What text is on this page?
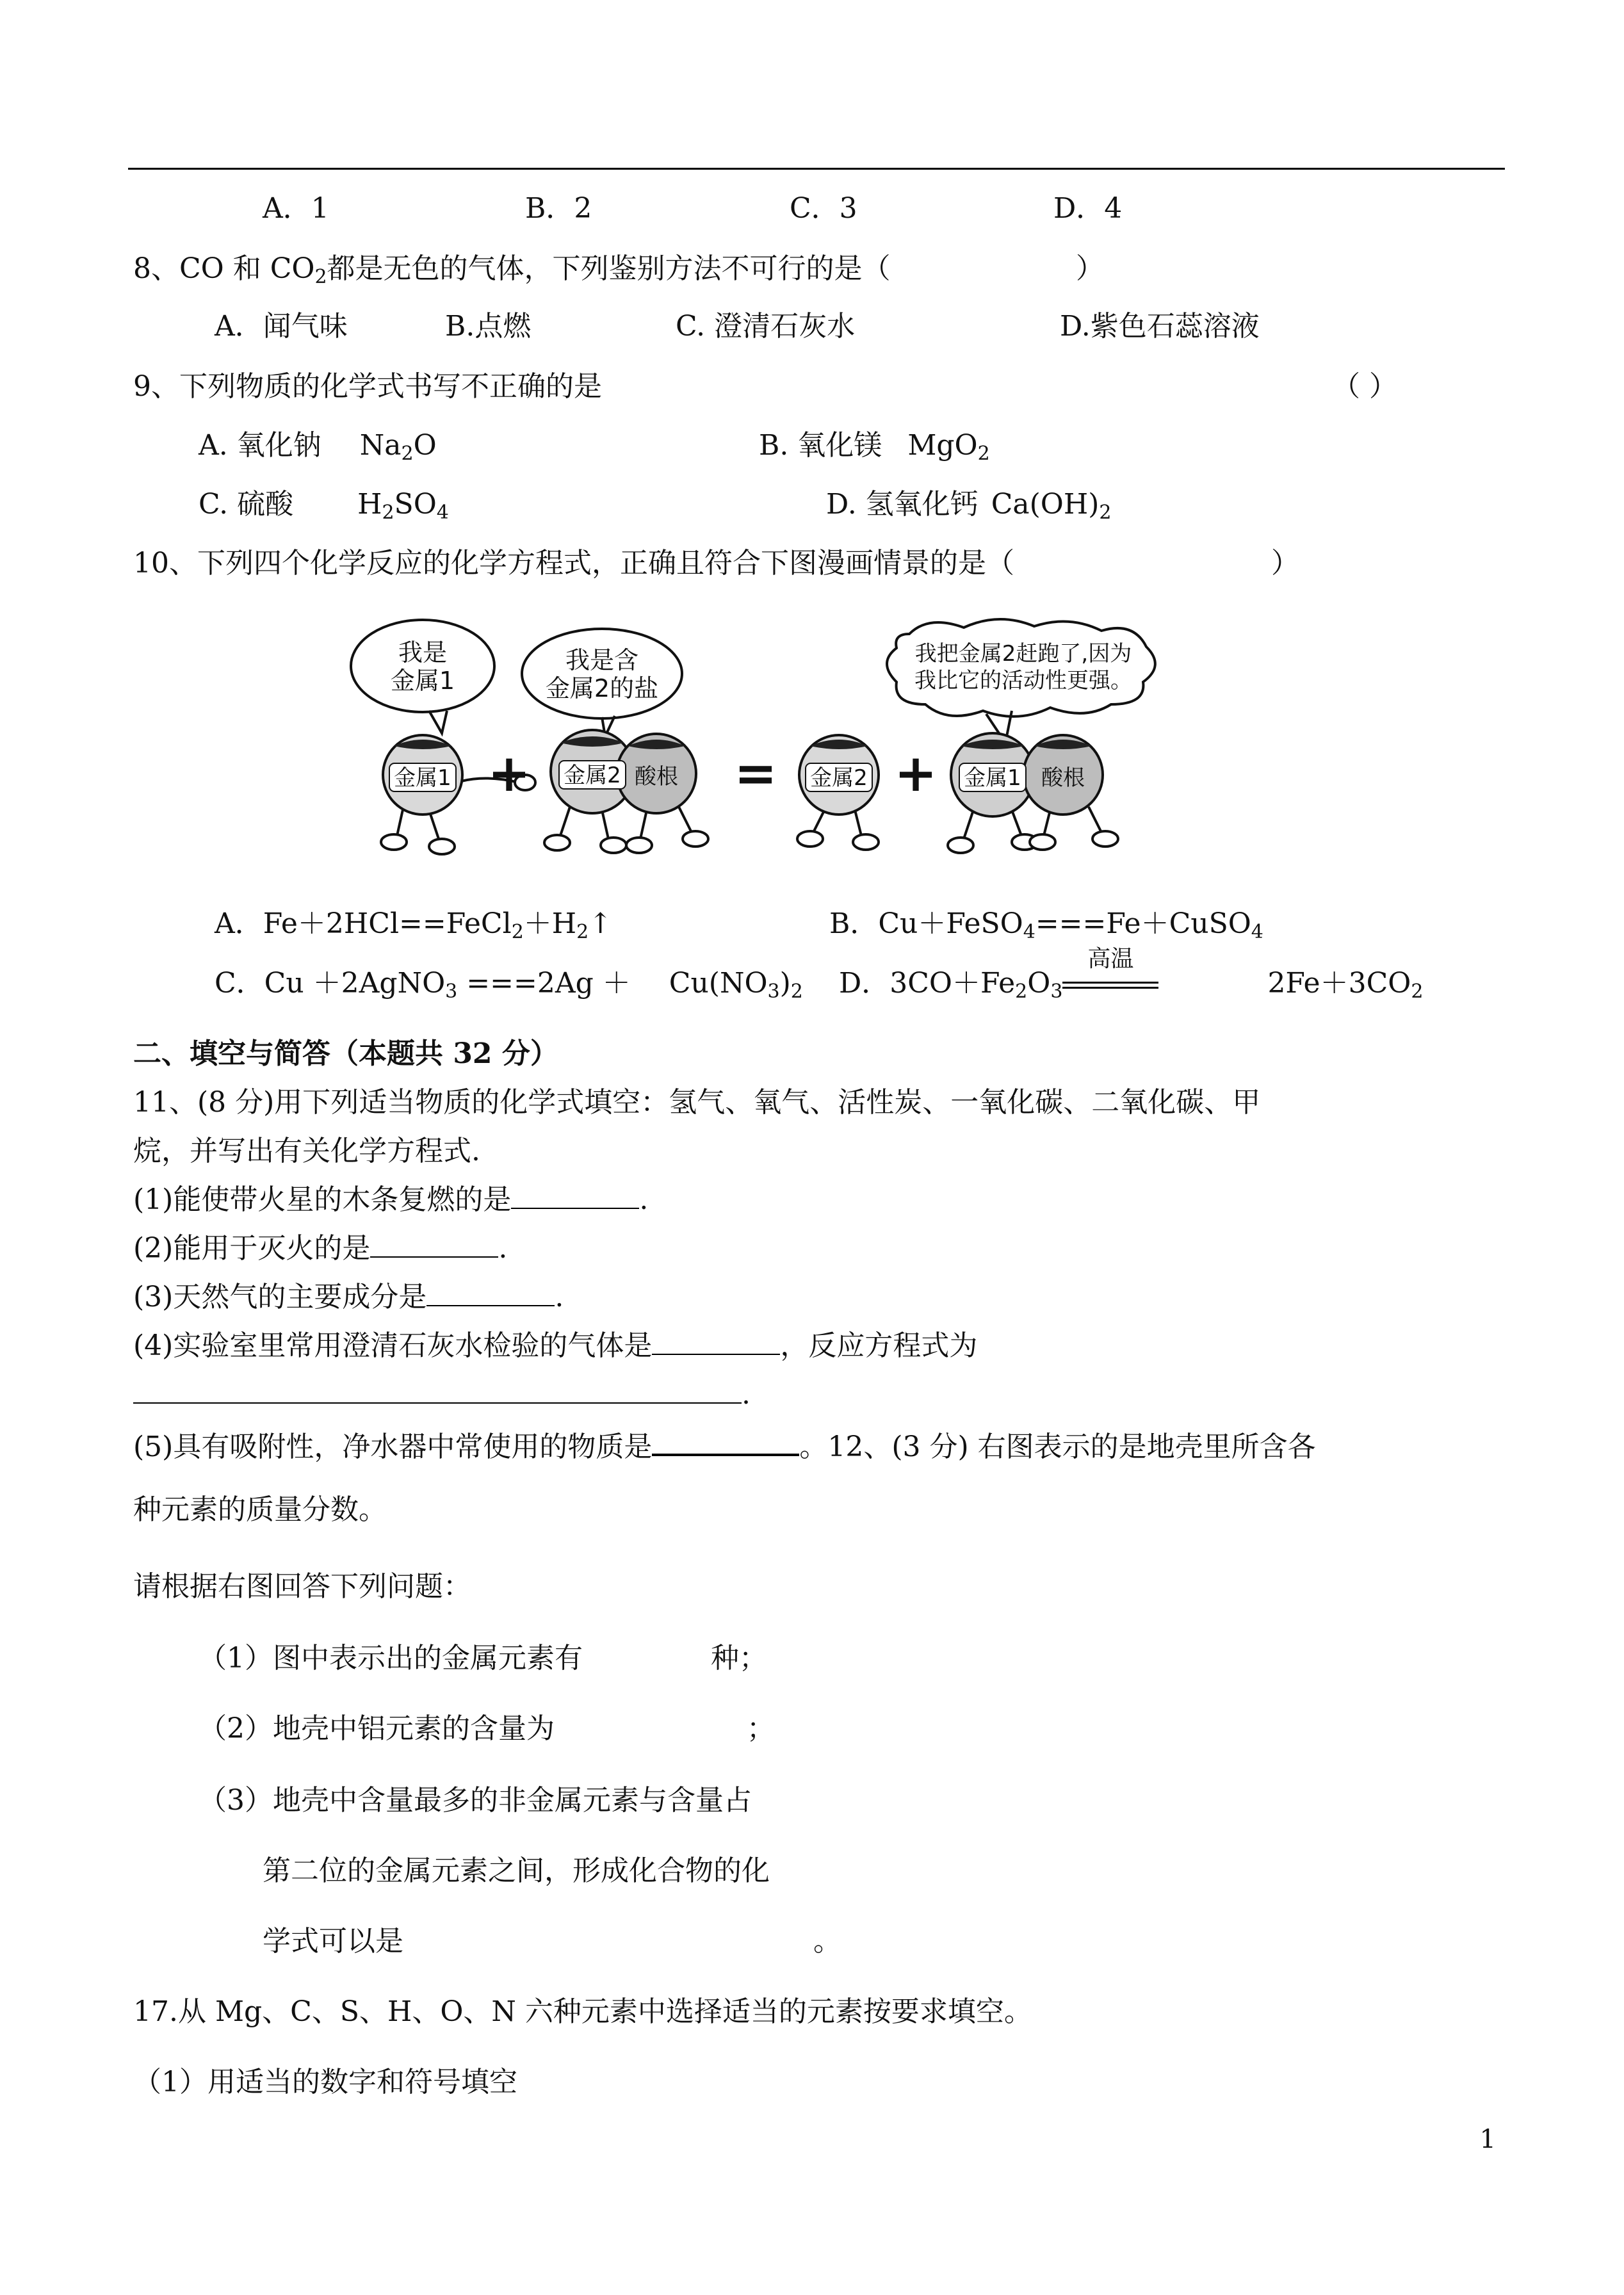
A．1	B．2	C．3	D．4
8、CO 和 $CO_2$都是无色的气体，下列鉴别方法不可行的是（	）
A．闻气味	B.点燃	C. 澄清石灰水	D.紫色石蕊溶液
9、下列物质的化学式书写不正确的是	（ ）
A. 氧化钠 $Na_2O$	B. 氧化镁 MgO$_2$
C. 硫酸 $H_2SO_4$	D. 氢氧化钙 $Ca(OH)_2$
10、下列四个化学反应的化学方程式，正确且符合下图漫画情景的是（	）
我是
金属1
我是含
金属2的盐
我把金属2赶跑了,因为
我比它的活动性更强。
金属1	金属2 酸根	金属2	金属1 酸根
+	= +
A．$Fe+2HCl==FeCl_2+H_2↑$	B．Cu＋FeSO$_4$===Fe＋CuSO$_4$
C．Cu ＋2AgNO$_3$ $===2Ag + Cu(NO_3)_2$ D．$3CO+Fe_2O_3$
高温
$2Fe+3CO_2$
二、填空与简答（本题共 32 分）
11、(8 分)用下列适当物质的化学式填空：氢气、氧气、活性炭、一氧化碳、二氧化碳、甲
烷，并写出有关化学方程式.
(1)能使带火星的木条复燃的是	.
(2)能用于灭火的是	.
(3)天然气的主要成分是	.
(4)实验室里常用澄清石灰水检验的气体是	，反应方程式为
.
(5)具有吸附性，净水器中常使用的物质是	。12、(3 分) 右图表示的是地壳里所含各
种元素的质量分数。
请根据右图回答下列问题：
（1）图中表示出的金属元素有	种；
（2）地壳中铝元素的含量为	；
（3）地壳中含量最多的非金属元素与含量占
第二位的金属元素之间，形成化合物的化
学式可以是	。
17.从 Mg、C、S、H、O、N 六种元素中选择适当的元素按要求填空。
（1）用适当的数字和符号填空
1
